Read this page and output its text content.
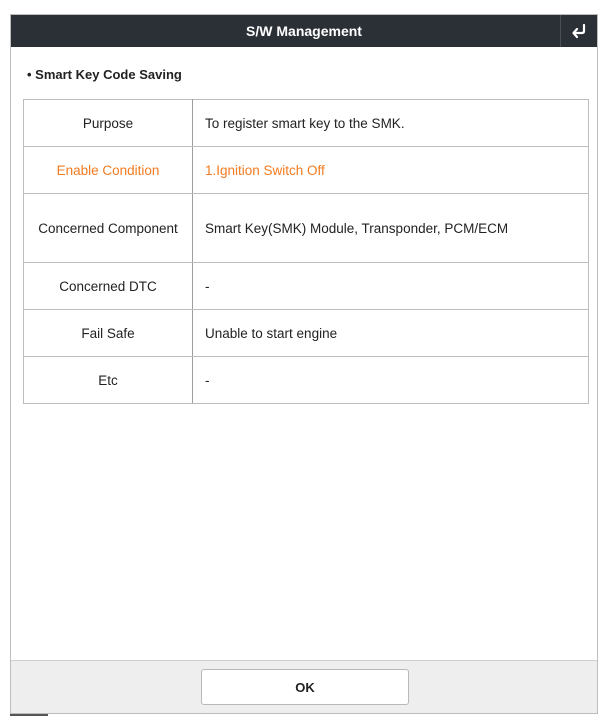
S/W Management
• Smart Key Code Saving
Purpose	To register smart key to the SMK.
Enable Condition	1.Ignition Switch Off
Concerned Component	Smart Key(SMK) Module, Transponder, PCM/ECM
Concerned DTC	-
Fail Safe	Unable to start engine
Etc	-
OK
